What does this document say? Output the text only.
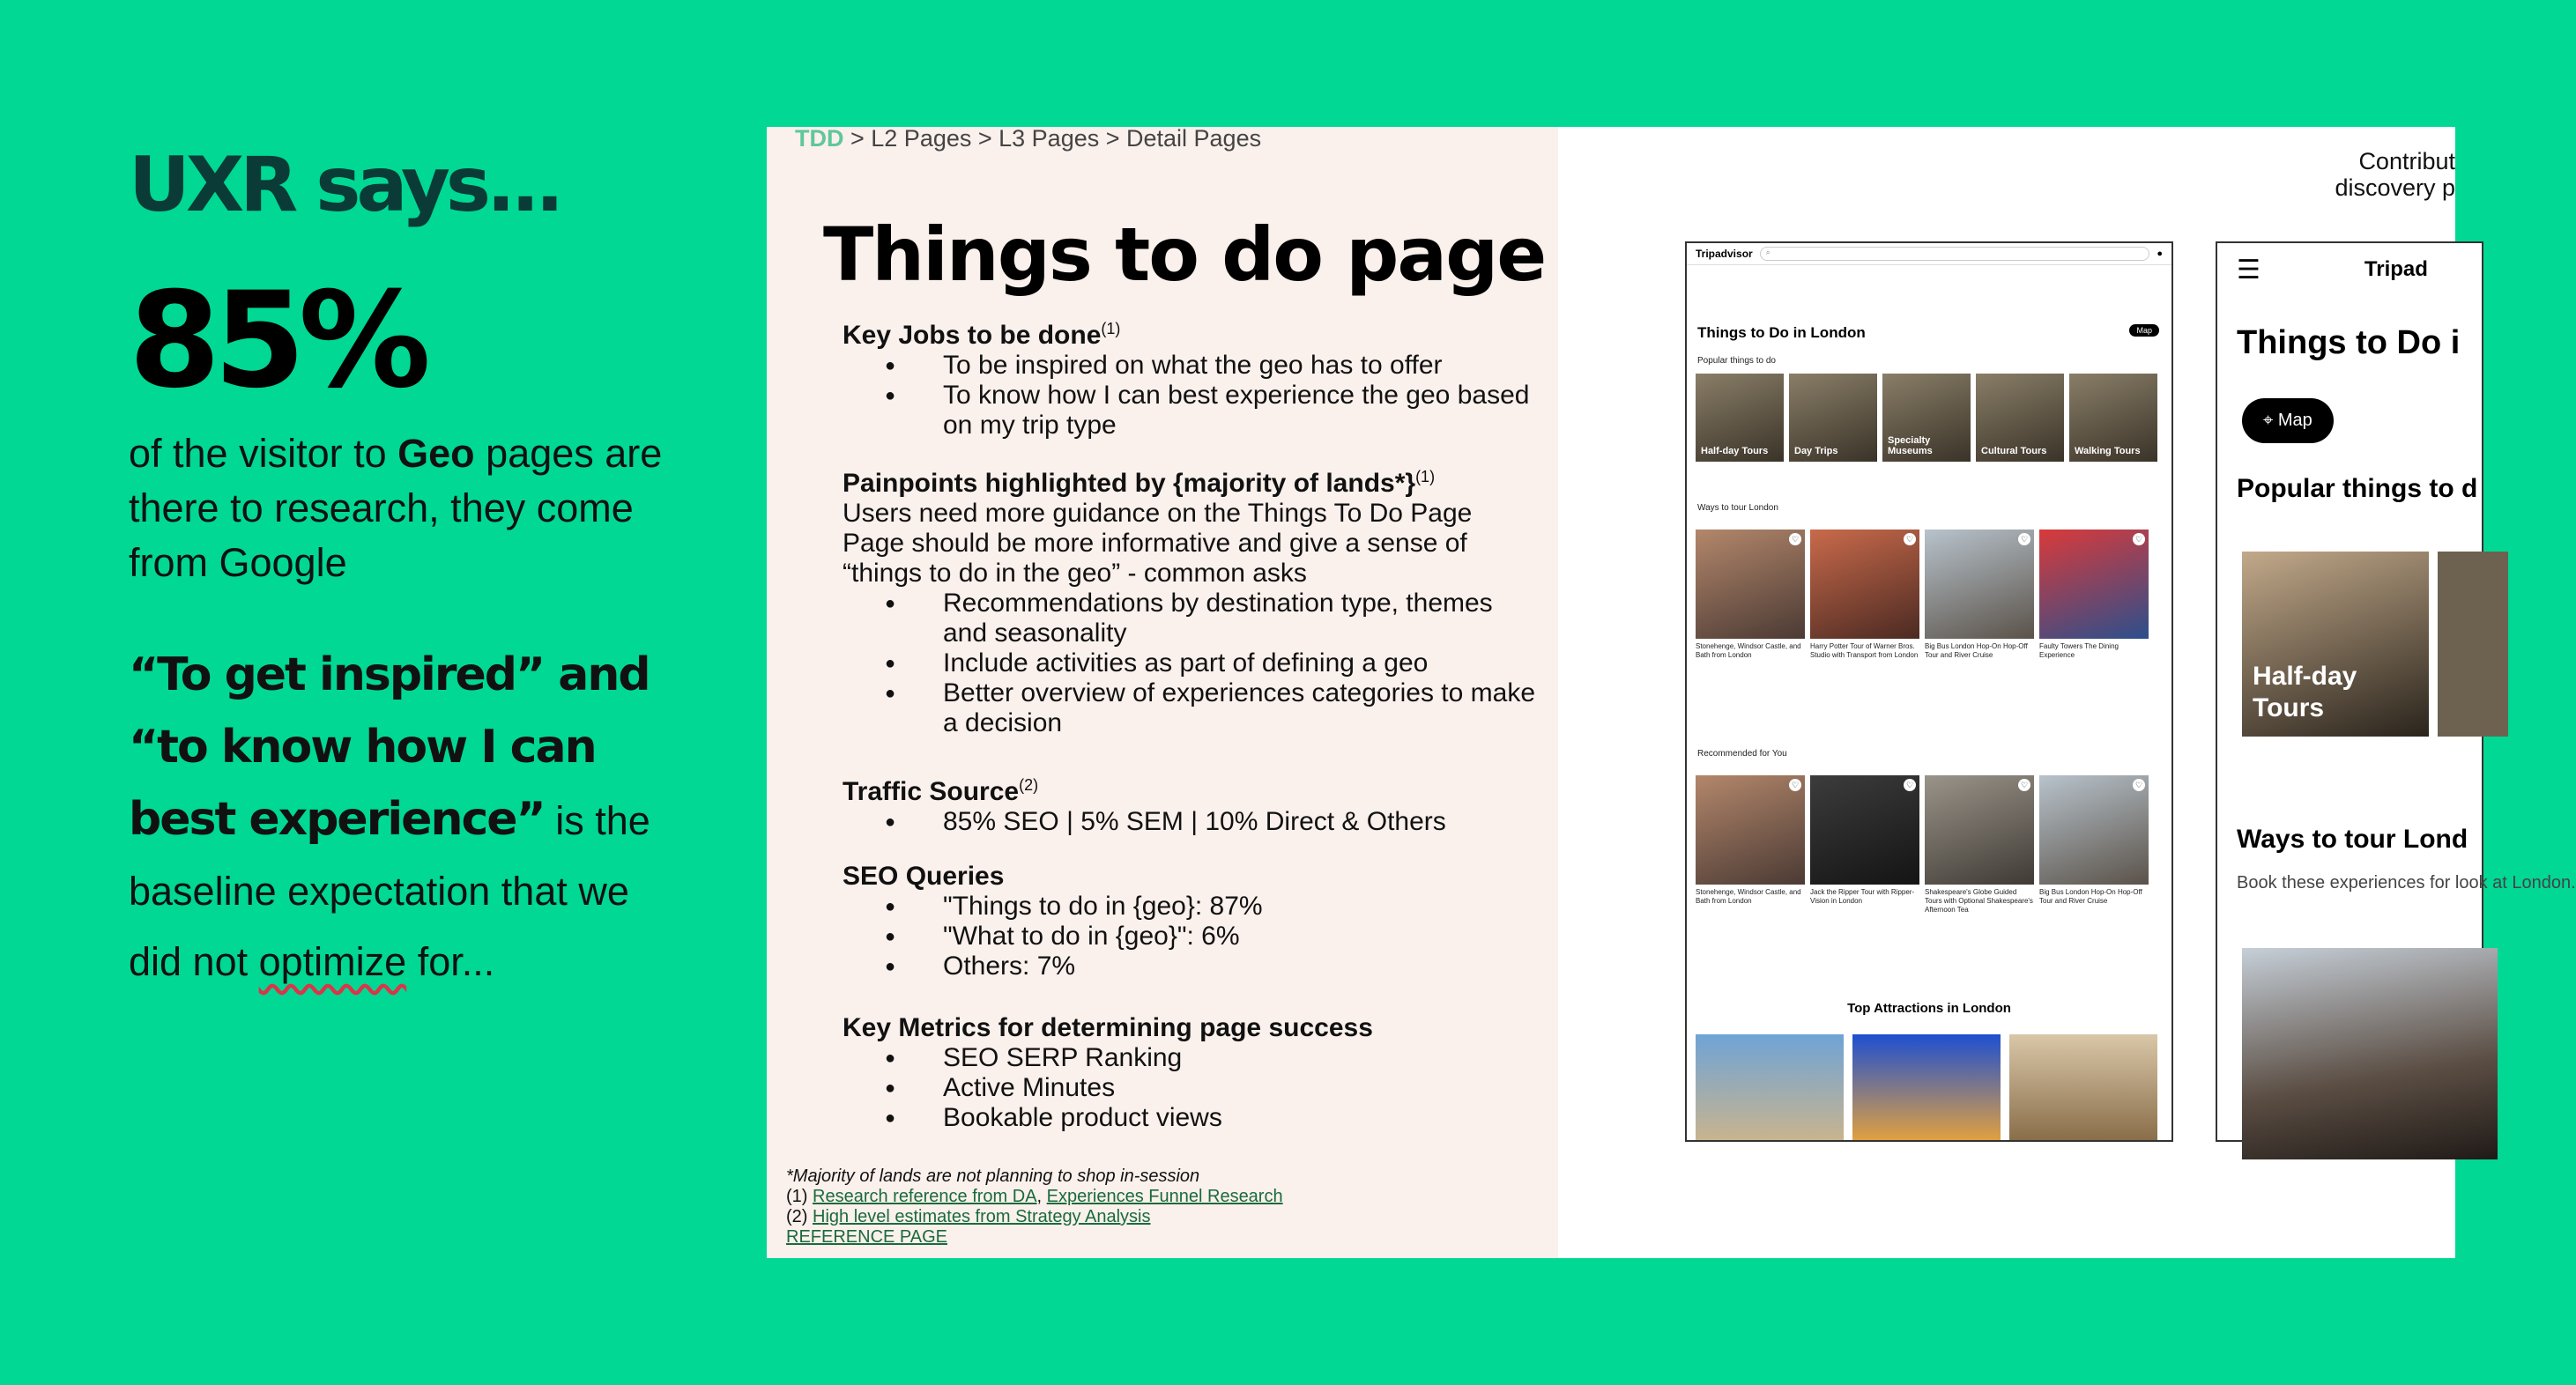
UXR says...
85%
of the visitor to Geo pages are there to research, they come from Google
“To get inspired” and “to know how I can best experience” is the baseline expectation that we did not optimize for...
TDD > L2 Pages > L3 Pages > Detail Pages
Things to do page
Key Jobs to be done$^{(1)}$
● To be inspired on what the geo has to offer
● To know how I can best experience the geo based on my trip type
Painpoints highlighted by {majority of lands*}$^{(1)}$
Users need more guidance on the Things To Do Page
Page should be more informative and give a sense of “things to do in the geo” - common asks
● Recommendations by destination type, themes and seasonality
● Include activities as part of defining a geo
● Better overview of experiences categories to make a decision
Traffic Source$^{(2)}$
● 85% SEO | 5% SEM | 10% Direct & Others
SEO Queries
● "Things to do in {geo}: 87%
● "What to do in {geo}": 6%
● Others: 7%
Key Metrics for determining page success
● SEO SERP Ranking
● Active Minutes
● Bookable product views
*Majority of lands are not planning to shop in-session
(1) Research reference from DA, Experiences Funnel Research
(2) High level estimates from Strategy Analysis
REFERENCE PAGE
Contribut
discovery p
Tripadvisor	⌕	●
Things to Do in London	Map
Popular things to do
Half-day Tours	Day Trips
Specialty Museums	Cultural Tours	Walking Tours
Ways to tour London
♡
Stonehenge, Windsor Castle, and Bath from London
♡
Harry Potter Tour of Warner Bros. Studio with Transport from London
♡
Big Bus London Hop-On Hop-Off Tour and River Cruise
♡
Faulty Towers The Dining Experience
Recommended for You
♡
Stonehenge, Windsor Castle, and Bath from London
♡
Jack the Ripper Tour with Ripper-Vision in London
♡
Shakespeare's Globe Guided Tours with Optional Shakespeare's Afternoon Tea
♡
Big Bus London Hop-On Hop-Off Tour and River Cruise
Top Attractions in London
☰	Tripad
Things to Do i
⌖ Map
Popular things to d
Half-day Tours
Ways to tour Lond
Book these experiences for look at London.
